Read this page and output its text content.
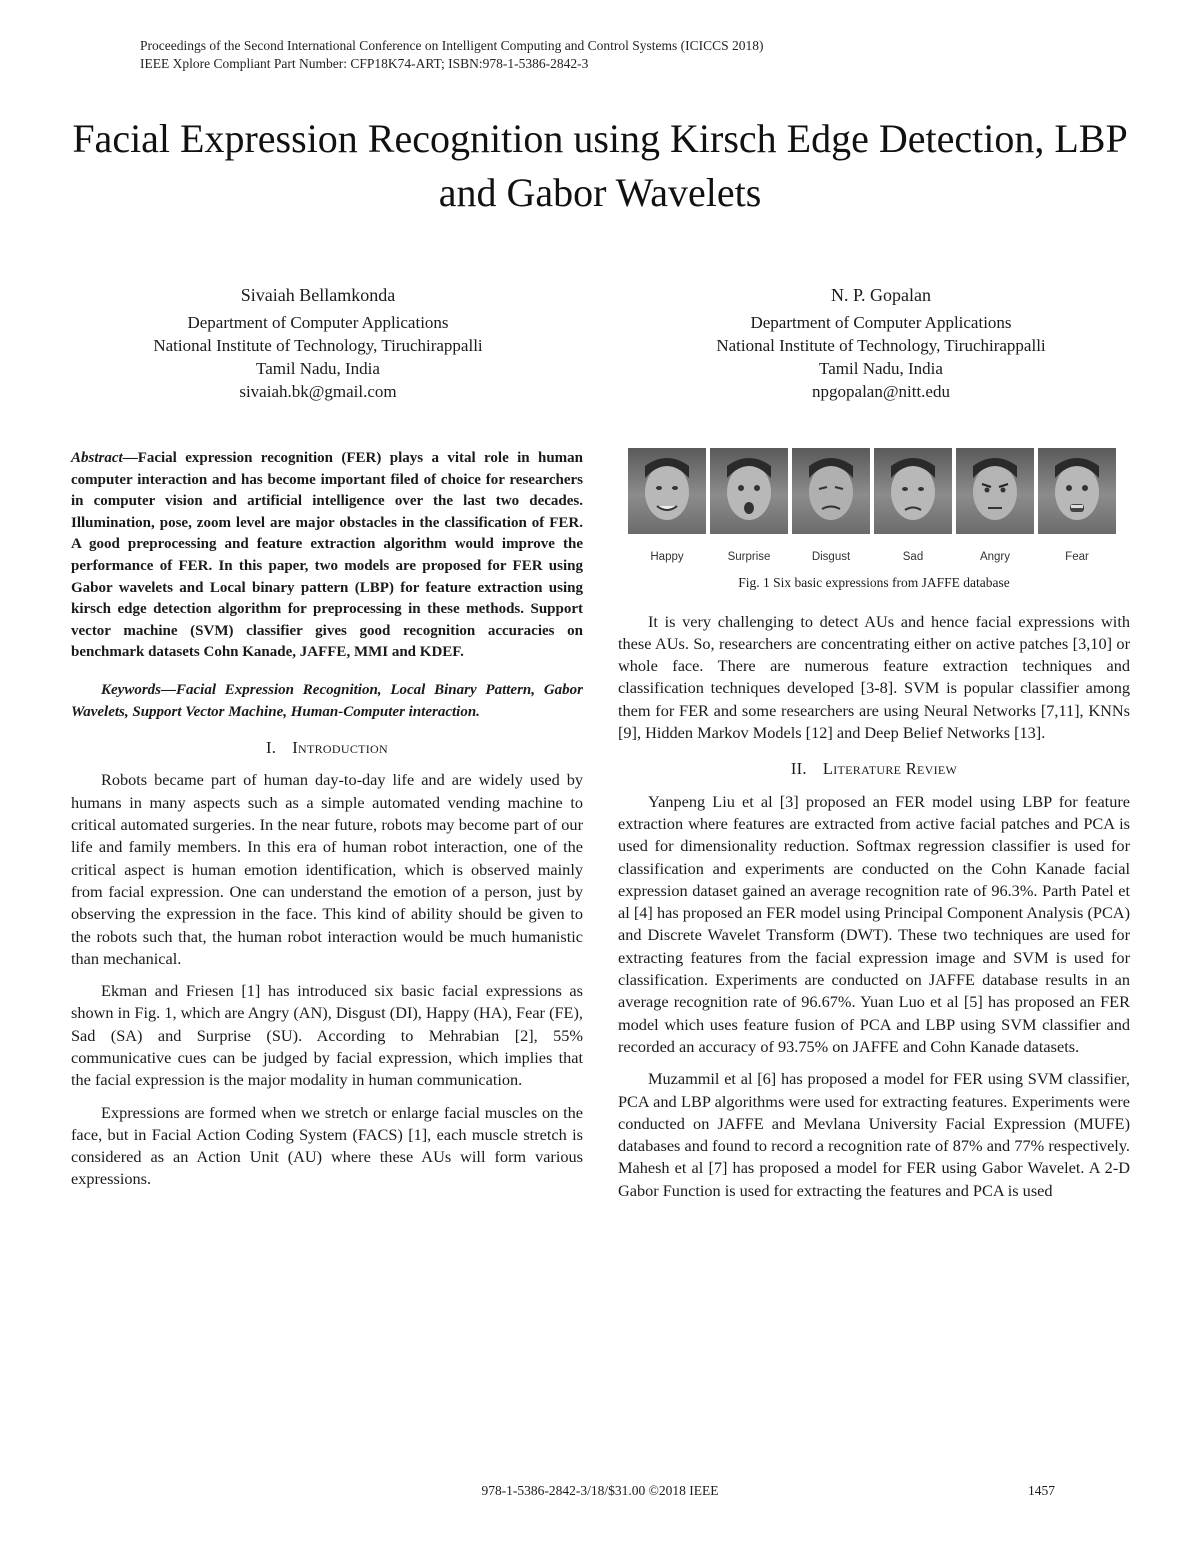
Proceedings of the Second International Conference on Intelligent Computing and Control Systems (ICICCS 2018)
IEEE Xplore Compliant Part Number: CFP18K74-ART; ISBN:978-1-5386-2842-3
Facial Expression Recognition using Kirsch Edge Detection, LBP and Gabor Wavelets
Sivaiah Bellamkonda
Department of Computer Applications
National Institute of Technology, Tiruchirappalli
Tamil Nadu, India
sivaiah.bk@gmail.com
N. P. Gopalan
Department of Computer Applications
National Institute of Technology, Tiruchirappalli
Tamil Nadu, India
npgopalan@nitt.edu
Abstract—Facial expression recognition (FER) plays a vital role in human computer interaction and has become important filed of choice for researchers in computer vision and artificial intelligence over the last two decades. Illumination, pose, zoom level are major obstacles in the classification of FER. A good preprocessing and feature extraction algorithm would improve the performance of FER. In this paper, two models are proposed for FER using Gabor wavelets and Local binary pattern (LBP) for feature extraction using kirsch edge detection algorithm for preprocessing in these methods. Support vector machine (SVM) classifier gives good recognition accuracies on benchmark datasets Cohn Kanade, JAFFE, MMI and KDEF.
Keywords—Facial Expression Recognition, Local Binary Pattern, Gabor Wavelets, Support Vector Machine, Human-Computer interaction.
I. Introduction

Robots became part of human day-to-day life and are widely used by humans in many aspects such as a simple automated vending machine to critical automated surgeries. In the near future, robots may become part of our life and family members. In this era of human robot interaction, one of the critical aspect is human emotion identification, which is observed mainly from facial expression. One can understand the emotion of a person, just by observing the expression in the face. This kind of ability should be given to the robots such that, the human robot interaction would be much humanistic than mechanical.

Ekman and Friesen [1] has introduced six basic facial expressions as shown in Fig. 1, which are Angry (AN), Disgust (DI), Happy (HA), Fear (FE), Sad (SA) and Surprise (SU). According to Mehrabian [2], 55% communicative cues can be judged by facial expression, which implies that the facial expression is the major modality in human communication.

Expressions are formed when we stretch or enlarge facial muscles on the face, but in Facial Action Coding System (FACS) [1], each muscle stretch is considered as an Action Unit (AU) where these AUs will form various expressions.

Happy	Surprise	Disgust	Sad	Angry	Fear
Fig. 1 Six basic expressions from JAFFE database

It is very challenging to detect AUs and hence facial expressions with these AUs. So, researchers are concentrating either on active patches [3,10] or whole face. There are numerous feature extraction techniques and classification techniques developed [3-8]. SVM is popular classifier among them for FER and some researchers are using Neural Networks [7,11], KNNs [9], Hidden Markov Models [12] and Deep Belief Networks [13].

II. Literature Review

Yanpeng Liu et al [3] proposed an FER model using LBP for feature extraction where features are extracted from active facial patches and PCA is used for dimensionality reduction. Softmax regression classifier is used for classification and experiments are conducted on the Cohn Kanade facial expression dataset gained an average recognition rate of 96.3%. Parth Patel et al [4] has proposed an FER model using Principal Component Analysis (PCA) and Discrete Wavelet Transform (DWT). These two techniques are used for extracting features from the facial expression image and SVM is used for classification. Experiments are conducted on JAFFE database results in an average recognition rate of 96.67%. Yuan Luo et al [5] has proposed an FER model which uses feature fusion of PCA and LBP using SVM classifier and recorded an accuracy of 93.75% on JAFFE and Cohn Kanade datasets.

Muzammil et al [6] has proposed a model for FER using SVM classifier, PCA and LBP algorithms were used for extracting features. Experiments were conducted on JAFFE and Mevlana University Facial Expression (MUFE) databases and found to record a recognition rate of 87% and 77% respectively. Mahesh et al [7] has proposed a model for FER using Gabor Wavelet. A 2-D Gabor Function is used for extracting the features and PCA is used

978-1-5386-2842-3/18/$31.00 ©2018 IEEE	1457
